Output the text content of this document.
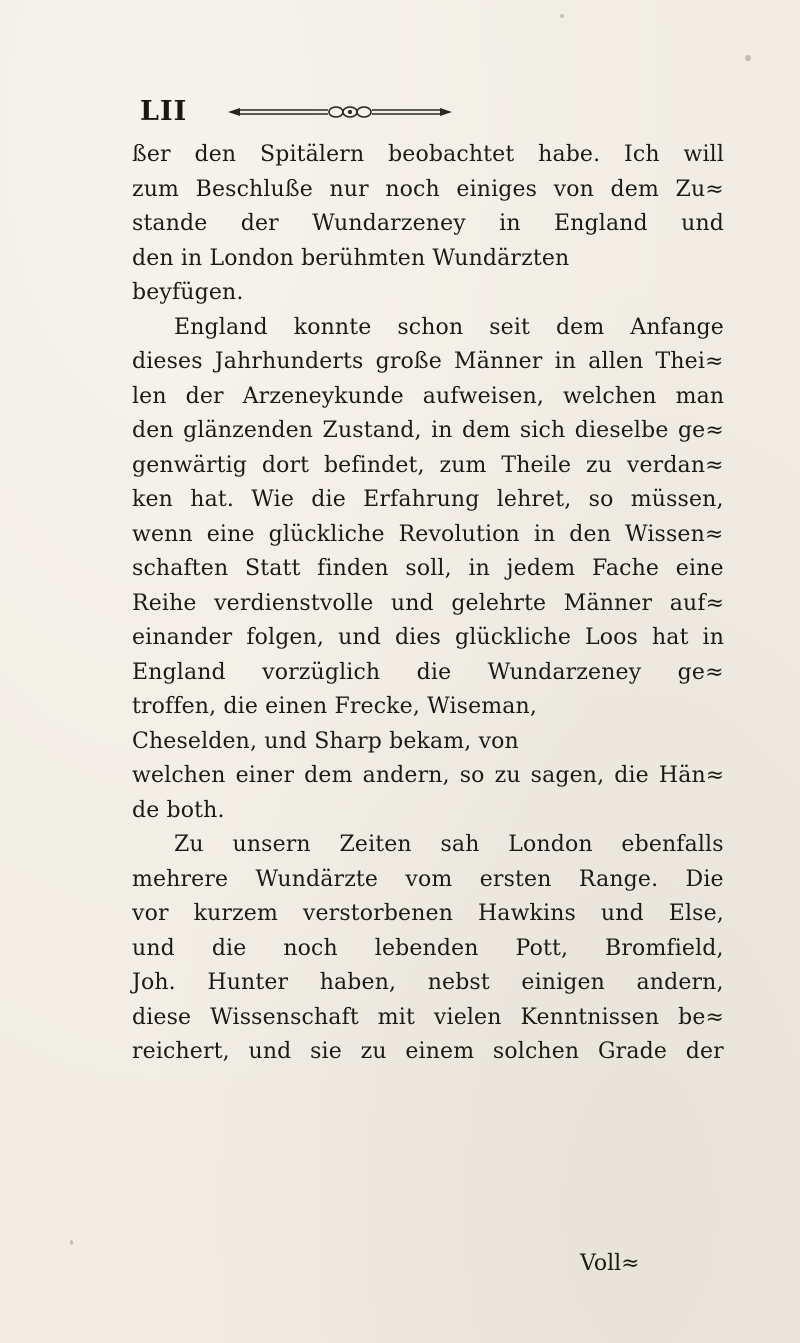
LII
ßer den Spitälern beobachtet habe. Ich will
zum Beschluße nur noch einiges von dem Zu≈
stande der Wundarzeney in England und
den in London berühmten Wundärzten
beyfügen.
England konnte schon seit dem Anfange
dieses Jahrhunderts große Männer in allen Thei≈
len der Arzeneykunde aufweisen, welchen man
den glänzenden Zustand, in dem sich dieselbe ge≈
genwärtig dort befindet, zum Theile zu verdan≈
ken hat. Wie die Erfahrung lehret, so müssen,
wenn eine glückliche Revolution in den Wissen≈
schaften Statt finden soll, in jedem Fache eine
Reihe verdienstvolle und gelehrte Männer auf≈
einander folgen, und dies glückliche Loos hat in
England vorzüglich die Wundarzeney ge≈
troffen, die einen Frecke, Wiseman,
Cheselden, und Sharp bekam, von
welchen einer dem andern, so zu sagen, die Hän≈
de both.
Zu unsern Zeiten sah London ebenfalls
mehrere Wundärzte vom ersten Range. Die
vor kurzem verstorbenen Hawkins und Else,
und die noch lebenden Pott, Bromfield,
Joh. Hunter haben, nebst einigen andern,
diese Wissenschaft mit vielen Kenntnissen be≈
reichert, und sie zu einem solchen Grade der
Voll≈
